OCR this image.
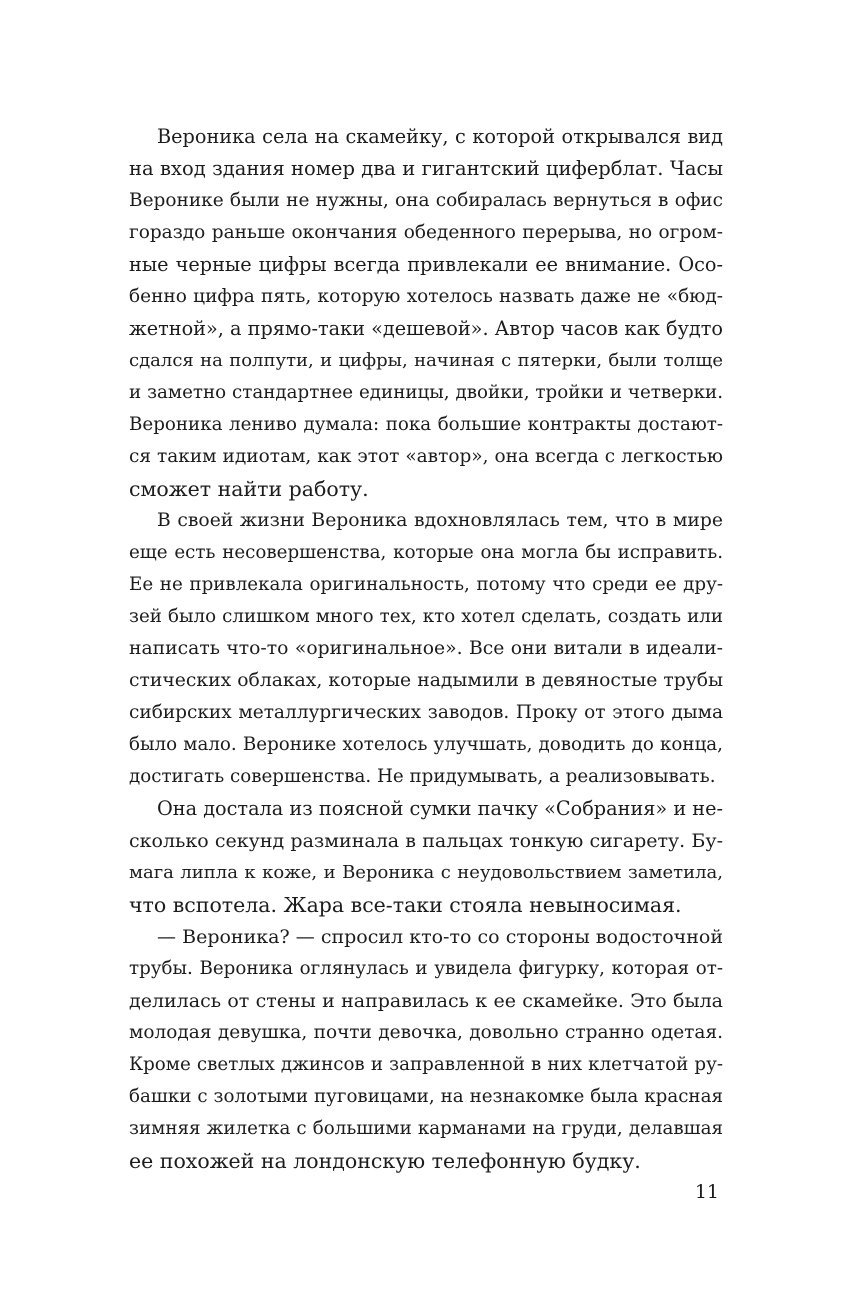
Вероника села на скамейку, с которой открывался вид
на вход здания номер два и гигантский циферблат. Часы
Веронике были не нужны, она собиралась вернуться в офис
гораздо раньше окончания обеденного перерыва, но огром-
ные черные цифры всегда привлекали ее внимание. Осо-
бенно цифра пять, которую хотелось назвать даже не «бюд-
жетной», а прямо-таки «дешевой». Автор часов как будто
сдался на полпути, и цифры, начиная с пятерки, были толще
и заметно стандартнее единицы, двойки, тройки и четверки.
Вероника лениво думала: пока большие контракты достают-
ся таким идиотам, как этот «автор», она всегда с легкостью
сможет найти работу.
В своей жизни Вероника вдохновлялась тем, что в мире
еще есть несовершенства, которые она могла бы исправить.
Ее не привлекала оригинальность, потому что среди ее дру-
зей было слишком много тех, кто хотел сделать, создать или
написать что-то «оригинальное». Все они витали в идеали-
стических облаках, которые надымили в девяностые трубы
сибирских металлургических заводов. Проку от этого дыма
было мало. Веронике хотелось улучшать, доводить до конца,
достигать совершенства. Не придумывать, а реализовывать.
Она достала из поясной сумки пачку «Собрания» и не-
сколько секунд разминала в пальцах тонкую сигарету. Бу-
мага липла к коже, и Вероника с неудовольствием заметила,
что вспотела. Жара все-таки стояла невыносимая.
— Вероника? — спросил кто-то со стороны водосточной
трубы. Вероника оглянулась и увидела фигурку, которая от-
делилась от стены и направилась к ее скамейке. Это была
молодая девушка, почти девочка, довольно странно одетая.
Кроме светлых джинсов и заправленной в них клетчатой ру-
башки с золотыми пуговицами, на незнакомке была красная
зимняя жилетка с большими карманами на груди, делавшая
ее похожей на лондонскую телефонную будку.
11
